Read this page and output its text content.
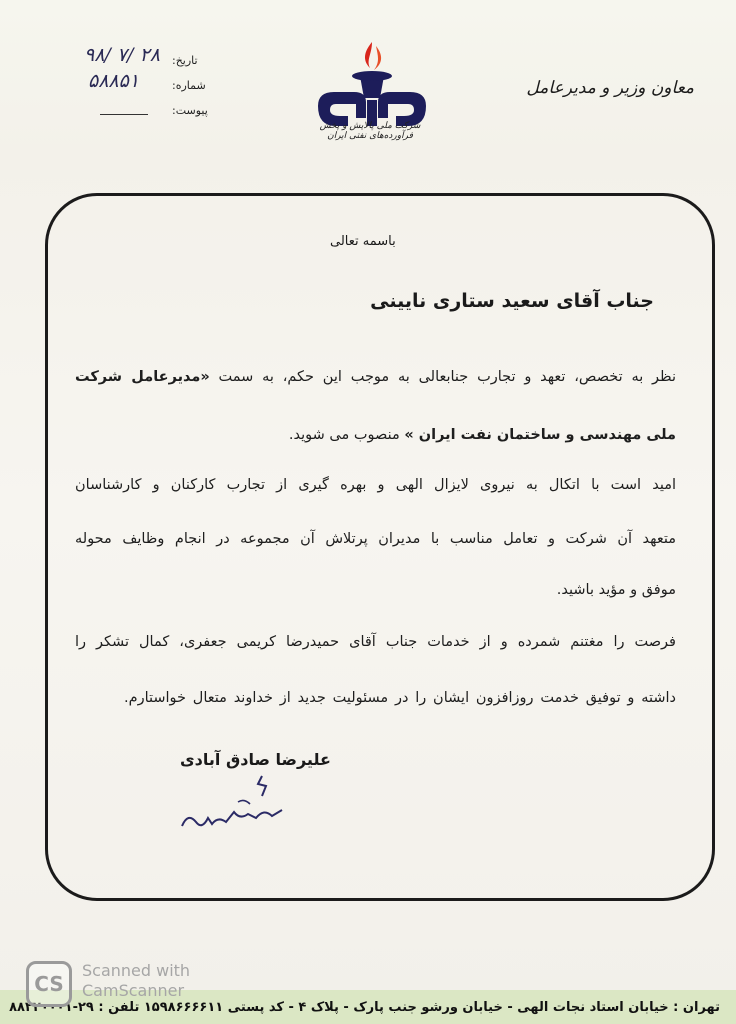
تاریخ:
شماره:
پیوست:
۹۸/ ۷/ ۲۸
۵۸۸۵۱
شرکت ملی پالایش و پخش فرآورده‌های نفتی ایران
معاون وزیر و مدیرعامل
باسمه تعالی
جناب آقای سعید ستاری نایینی
نظر به تخصص، تعهد و تجارب جنابعالی به موجب این حکم، به سمت «مدیرعامل شرکت
ملی مهندسی و ساختمان نفت ایران » منصوب می شوید.
امید است با اتکال به نیروی لایزال الهی و بهره گیری از تجارب کارکنان و کارشناسان
متعهد آن شرکت و تعامل مناسب با مدیران پرتلاش آن مجموعه در انجام وظایف محوله
موفق و مؤید باشید.
فرصت را مغتنم شمرده و از خدمات جناب آقای حمیدرضا کریمی جعفری، کمال تشکر را
داشته و توفیق خدمت روزافزون ایشان را در مسئولیت جدید از خداوند متعال خواستارم.
علیرضا صادق آبادی
تهران : خیابان استاد نجات الهی - خیابان ورشو جنب پارک - پلاک ۴ - کد پستی ۱۵۹۸۶۶۶۶۱۱ تلفن : ۲۹-۸۸۲۲۰۰۰۱
CS
Scanned with
CamScanner
